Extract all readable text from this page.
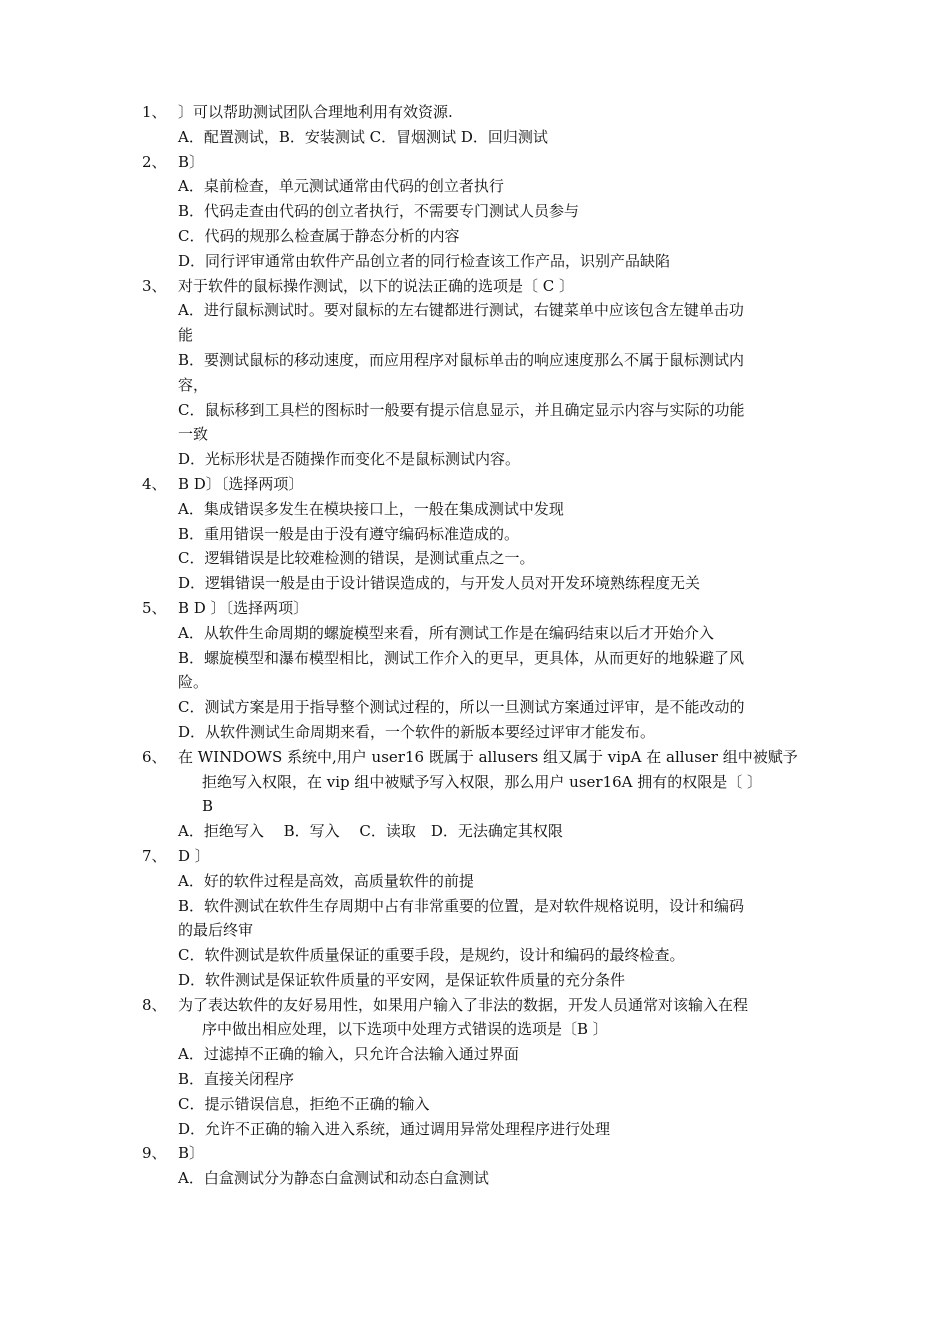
1、 〕可以帮助测试团队合理地利用有效资源.
A．配置测试，B．安装测试 C．冒烟测试 D．回归测试
2、 B〕
A．桌前检查，单元测试通常由代码的创立者执行
B．代码走查由代码的创立者执行，不需要专门测试人员参与
C．代码的规那么检查属于静态分析的内容
D．同行评审通常由软件产品创立者的同行检查该工作产品，识别产品缺陷
3、 对于软件的鼠标操作测试，以下的说法正确的选项是〔 C 〕
A．进行鼠标测试时。要对鼠标的左右键都进行测试，右键菜单中应该包含左键单击功
能
B．要测试鼠标的移动速度，而应用程序对鼠标单击的响应速度那么不属于鼠标测试内
容，
C．鼠标移到工具栏的图标时一般要有提示信息显示，并且确定显示内容与实际的功能
一致
D．光标形状是否随操作而变化不是鼠标测试内容。
4、 B D〕〔选择两项〕
A．集成错误多发生在模块接口上，一般在集成测试中发现
B．重用错误一般是由于没有遵守编码标准造成的。
C．逻辑错误是比较难检测的错误，是测试重点之一。
D．逻辑错误一般是由于设计错误造成的，与开发人员对开发环境熟练程度无关
5、 B D 〕〔选择两项〕
A．从软件生命周期的螺旋模型来看，所有测试工作是在编码结束以后才开始介入
B．螺旋模型和瀑布模型相比，测试工作介入的更早，更具体，从而更好的地躲避了风
险。
C．测试方案是用于指导整个测试过程的，所以一旦测试方案通过评审，是不能改动的
D．从软件测试生命周期来看，一个软件的新版本要经过评审才能发布。
6、 在 WINDOWS 系统中,用户 user16 既属于 allusers 组又属于 vipA 在 alluser 组中被赋予
拒绝写入权限，在 vip 组中被赋予写入权限，那么用户 user16A 拥有的权限是〔 〕
B
A．拒绝写入　 B．写入　 C．读取　D．无法确定其权限
7、 D 〕
A．好的软件过程是高效，高质量软件的前提
B．软件测试在软件生存周期中占有非常重要的位置，是对软件规格说明，设计和编码
的最后终审
C．软件测试是软件质量保证的重要手段，是规约，设计和编码的最终检查。
D．软件测试是保证软件质量的平安网，是保证软件质量的充分条件
8、 为了表达软件的友好易用性，如果用户输入了非法的数据，开发人员通常对该输入在程
序中做出相应处理，以下选项中处理方式错误的选项是〔B 〕
A．过滤掉不正确的输入，只允许合法输入通过界面
B．直接关闭程序
C．提示错误信息，拒绝不正确的输入
D．允许不正确的输入进入系统，通过调用异常处理程序进行处理
9、 B〕
A．白盒测试分为静态白盒测试和动态白盒测试
